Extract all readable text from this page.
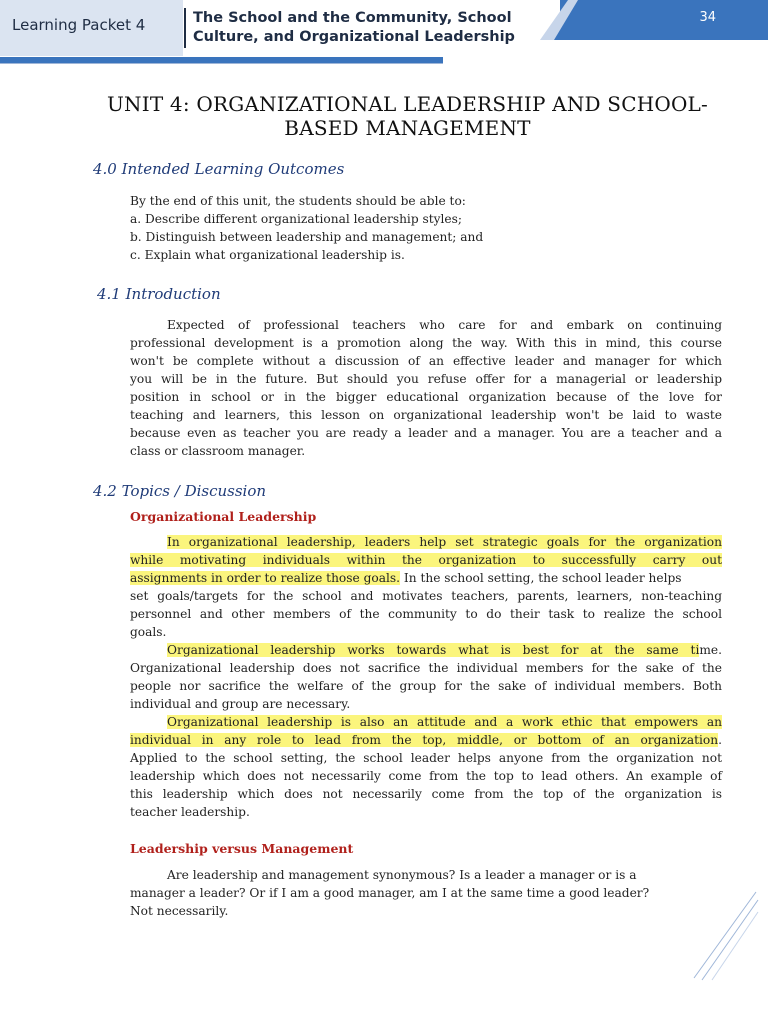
Learning Packet 4	The School and the Community, School
Culture, and Organizational Leadership
34
UNIT 4: ORGANIZATIONAL LEADERSHIP AND SCHOOL-
BASED MANAGEMENT
4.0 Intended Learning Outcomes
By the end of this unit, the students should be able to:
a. Describe different organizational leadership styles;
b. Distinguish between leadership and management; and
c. Explain what organizational leadership is.
4.1 Introduction
Expected of professional teachers who care for and embark on continuing
professional development is a promotion along the way. With this in mind, this course
won't be complete without a discussion of an effective leader and manager for which
you will be in the future. But should you refuse offer for a managerial or leadership
position in school or in the bigger educational organization because of the love for
teaching and learners, this lesson on organizational leadership won't be laid to waste
because even as teacher you are ready a leader and a manager. You are a teacher and a
class or classroom manager.
4.2 Topics / Discussion
Organizational Leadership
In organizational leadership, leaders help set strategic goals for the organization
while motivating individuals within the organization to successfully carry out
assignments in order to realize those goals. In the school setting, the school leader helps
set goals/targets for the school and motivates teachers, parents, learners, non-teaching
personnel and other members of the community to do their task to realize the school
goals.
Organizational leadership works towards what is best for at the same time.
Organizational leadership does not sacrifice the individual members for the sake of the
people nor sacrifice the welfare of the group for the sake of individual members. Both
individual and group are necessary.
Organizational leadership is also an attitude and a work ethic that empowers an
individual in any role to lead from the top, middle, or bottom of an organization.
Applied to the school setting, the school leader helps anyone from the organization not
leadership which does not necessarily come from the top to lead others. An example of
this leadership which does not necessarily come from the top of the organization is
teacher leadership.
Leadership versus Management
Are leadership and management synonymous? Is a leader a manager or is a
manager a leader? Or if I am a good manager, am I at the same time a good leader?
Not necessarily.
